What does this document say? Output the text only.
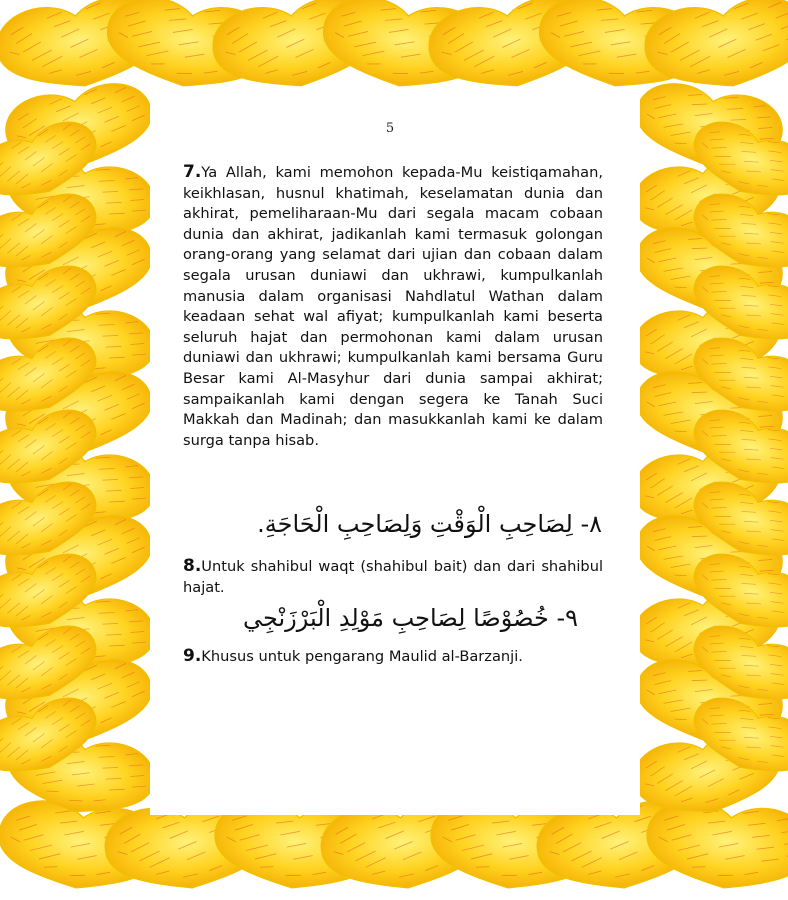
5
7.Ya Allah, kami memohon kepada-Mu keistiqamahan, keikhlasan, husnul khatimah, keselamatan dunia dan akhirat, pemeliharaan-Mu dari segala macam cobaan dunia dan akhirat, jadikanlah kami termasuk golongan orang-orang yang selamat dari ujian dan cobaan dalam segala urusan duniawi dan ukhrawi, kumpulkanlah manusia dalam organisasi Nahdlatul Wathan dalam keadaan sehat wal afiyat; kumpulkanlah kami beserta seluruh hajat dan permohonan kami dalam urusan duniawi dan ukhrawi; kumpulkanlah kami bersama Guru Besar kami Al-Masyhur dari dunia sampai akhirat; sampaikanlah kami dengan segera ke Tanah Suci Makkah dan Madinah; dan masukkanlah kami ke dalam surga tanpa hisab.
٨- لِصَاحِبِ الْوَقْتِ وَلِصَاحِبِ الْحَاجَةِ.
8.Untuk shahibul waqt (shahibul bait) dan dari shahibul hajat.
٩- خُصُوْصًا لِصَاحِبِ مَوْلِدِ الْبَرْزَنْجِي
9.Khusus untuk pengarang Maulid al-Barzanji.
